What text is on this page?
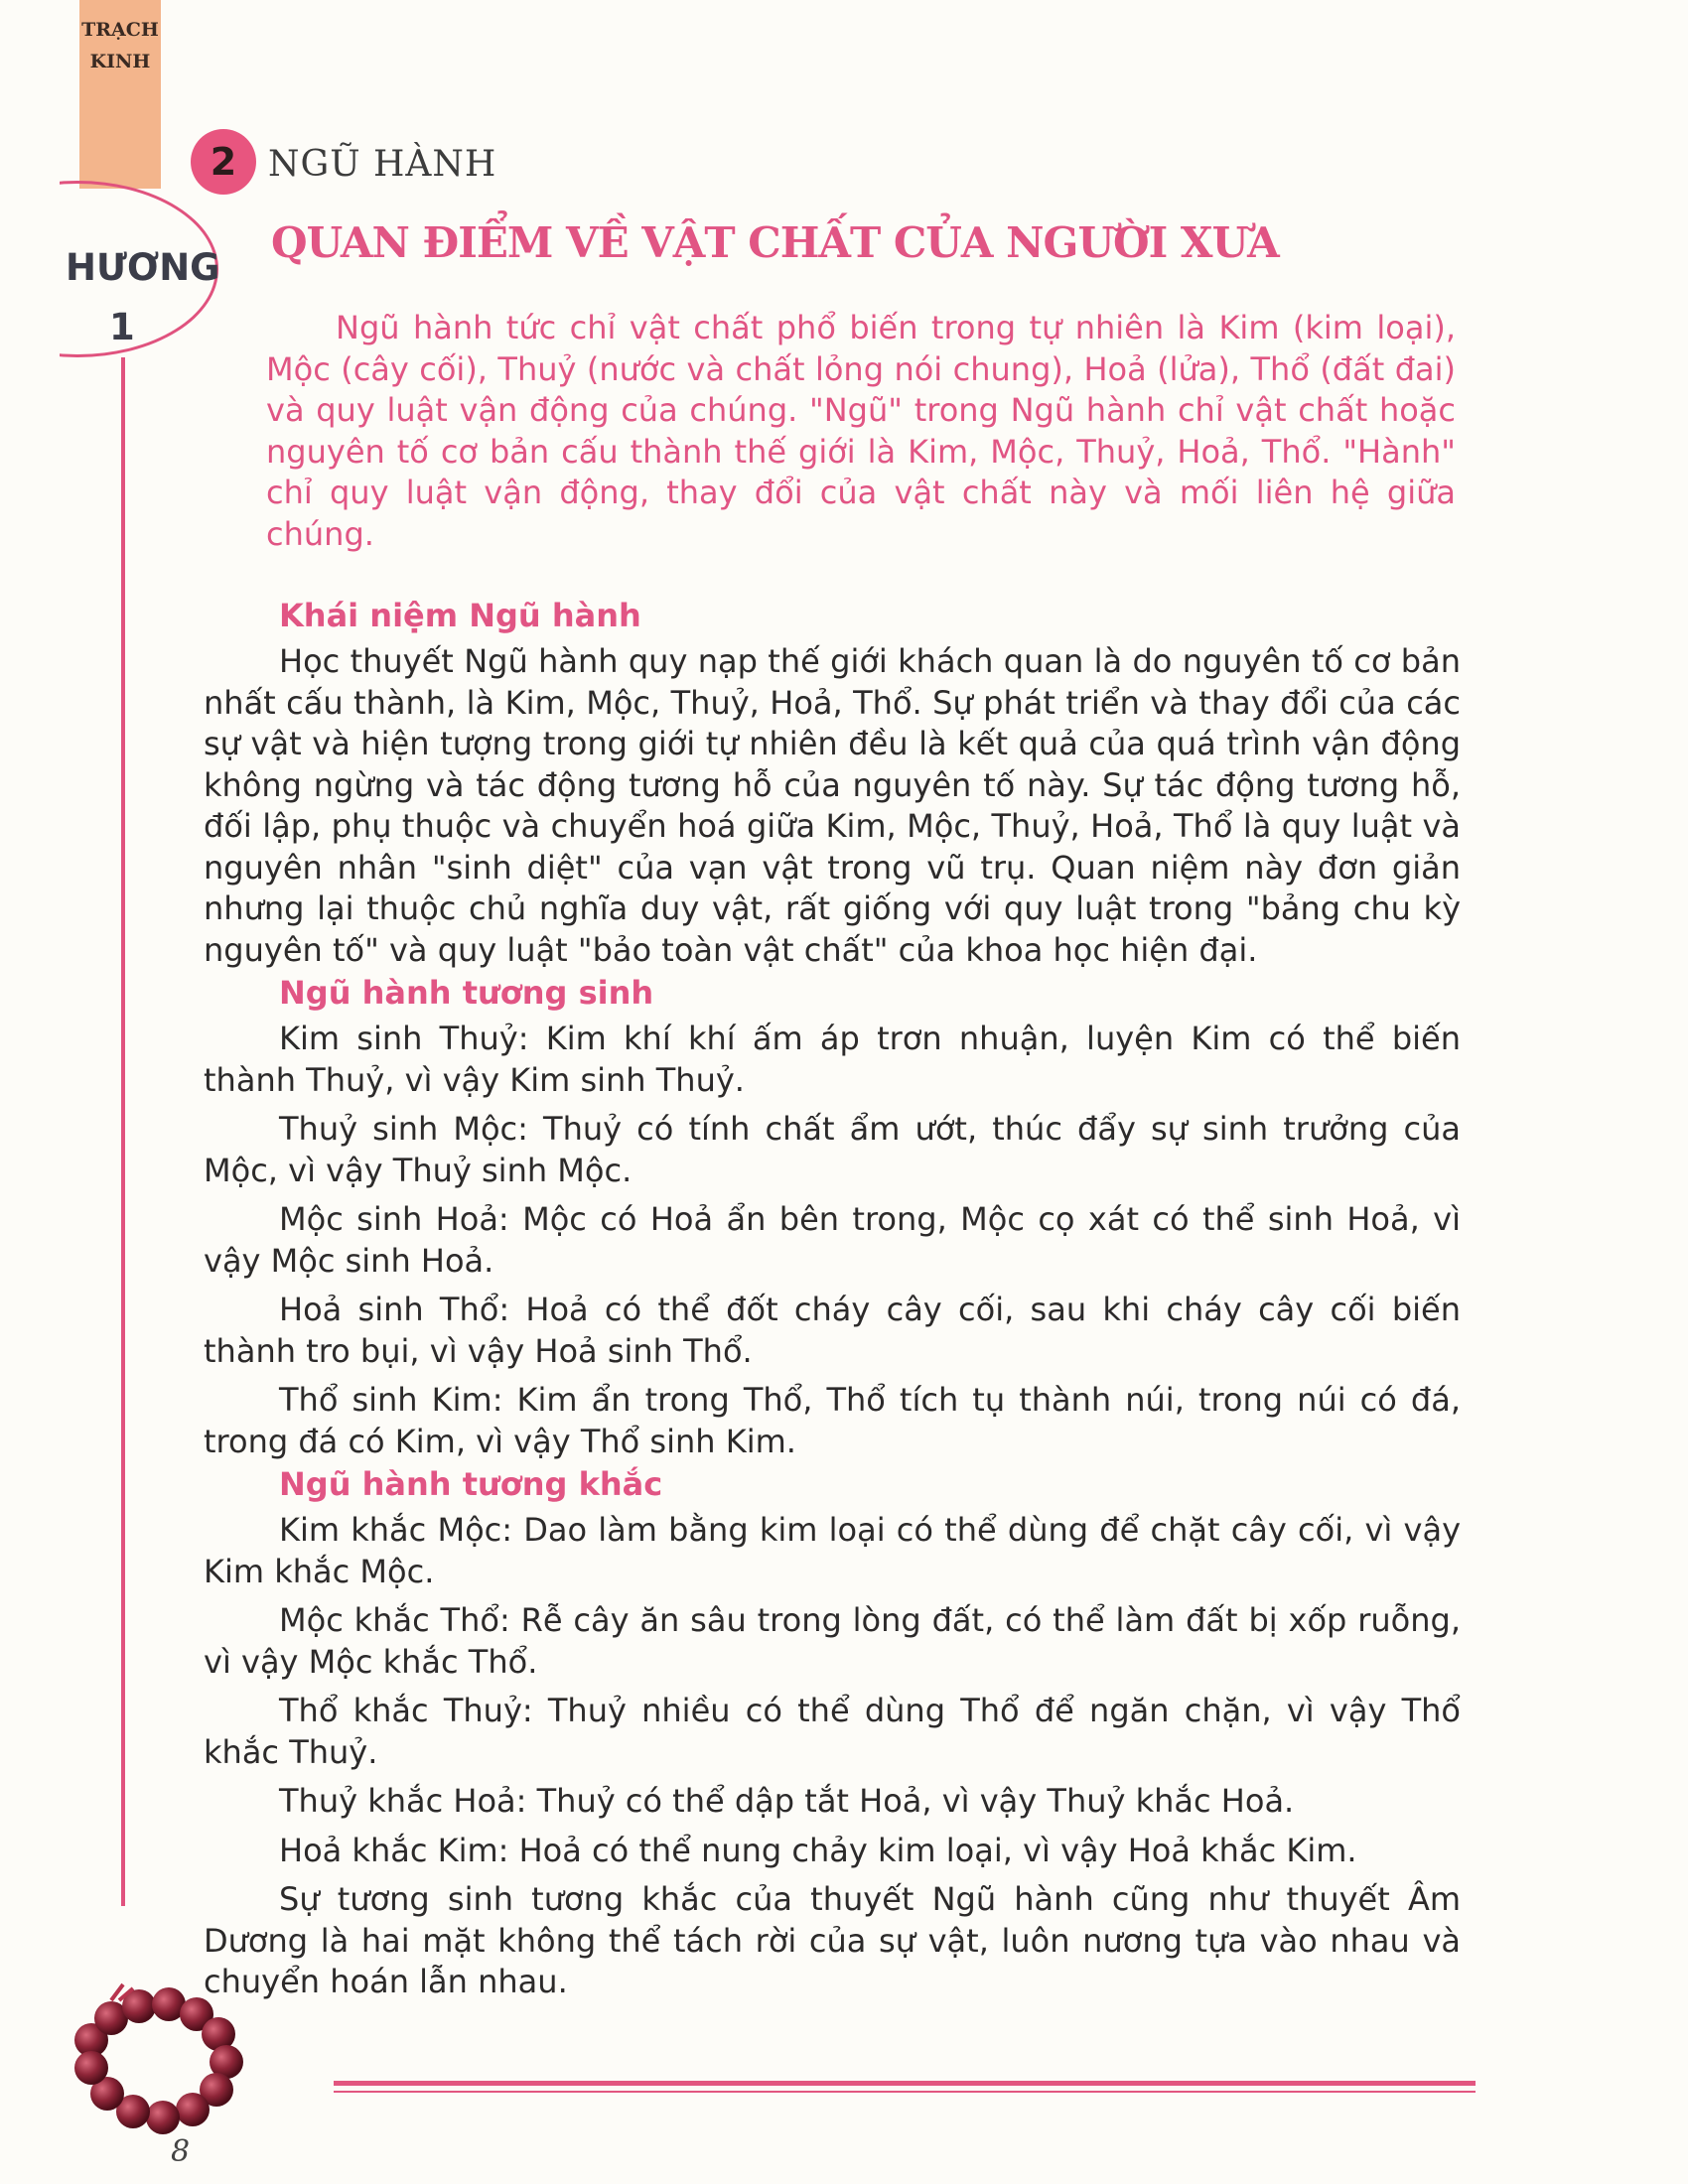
TRẠCH
KINH
HƯƠNG
1
2 NGŨ HÀNH
QUAN ĐIỂM VỀ VẬT CHẤT CỦA NGƯỜI XƯA

Ngũ hành tức chỉ vật chất phổ biến trong tự nhiên là Kim (kim loại), Mộc (cây cối), Thuỷ (nước và chất lỏng nói chung), Hoả (lửa), Thổ (đất đai) và quy luật vận động của chúng. "Ngũ" trong Ngũ hành chỉ vật chất hoặc nguyên tố cơ bản cấu thành thế giới là Kim, Mộc, Thuỷ, Hoả, Thổ. "Hành" chỉ quy luật vận động, thay đổi của vật chất này và mối liên hệ giữa chúng.

Khái niệm Ngũ hành

Học thuyết Ngũ hành quy nạp thế giới khách quan là do nguyên tố cơ bản nhất cấu thành, là Kim, Mộc, Thuỷ, Hoả, Thổ. Sự phát triển và thay đổi của các sự vật và hiện tượng trong giới tự nhiên đều là kết quả của quá trình vận động không ngừng và tác động tương hỗ của nguyên tố này. Sự tác động tương hỗ, đối lập, phụ thuộc và chuyển hoá giữa Kim, Mộc, Thuỷ, Hoả, Thổ là quy luật và nguyên nhân "sinh diệt" của vạn vật trong vũ trụ. Quan niệm này đơn giản nhưng lại thuộc chủ nghĩa duy vật, rất giống với quy luật trong "bảng chu kỳ nguyên tố" và quy luật "bảo toàn vật chất" của khoa học hiện đại.

Ngũ hành tương sinh

Kim sinh Thuỷ: Kim khí khí ấm áp trơn nhuận, luyện Kim có thể biến thành Thuỷ, vì vậy Kim sinh Thuỷ.

Thuỷ sinh Mộc: Thuỷ có tính chất ẩm ướt, thúc đẩy sự sinh trưởng của Mộc, vì vậy Thuỷ sinh Mộc.

Mộc sinh Hoả: Mộc có Hoả ẩn bên trong, Mộc cọ xát có thể sinh Hoả, vì vậy Mộc sinh Hoả.

Hoả sinh Thổ: Hoả có thể đốt cháy cây cối, sau khi cháy cây cối biến thành tro bụi, vì vậy Hoả sinh Thổ.

Thổ sinh Kim: Kim ẩn trong Thổ, Thổ tích tụ thành núi, trong núi có đá, trong đá có Kim, vì vậy Thổ sinh Kim.

Ngũ hành tương khắc

Kim khắc Mộc: Dao làm bằng kim loại có thể dùng để chặt cây cối, vì vậy Kim khắc Mộc.

Mộc khắc Thổ: Rễ cây ăn sâu trong lòng đất, có thể làm đất bị xốp ruỗng, vì vậy Mộc khắc Thổ.

Thổ khắc Thuỷ: Thuỷ nhiều có thể dùng Thổ để ngăn chặn, vì vậy Thổ khắc Thuỷ.

Thuỷ khắc Hoả: Thuỷ có thể dập tắt Hoả, vì vậy Thuỷ khắc Hoả.

Hoả khắc Kim: Hoả có thể nung chảy kim loại, vì vậy Hoả khắc Kim.

Sự tương sinh tương khắc của thuyết Ngũ hành cũng như thuyết Âm Dương là hai mặt không thể tách rời của sự vật, luôn nương tựa vào nhau và chuyển hoán lẫn nhau.

8
